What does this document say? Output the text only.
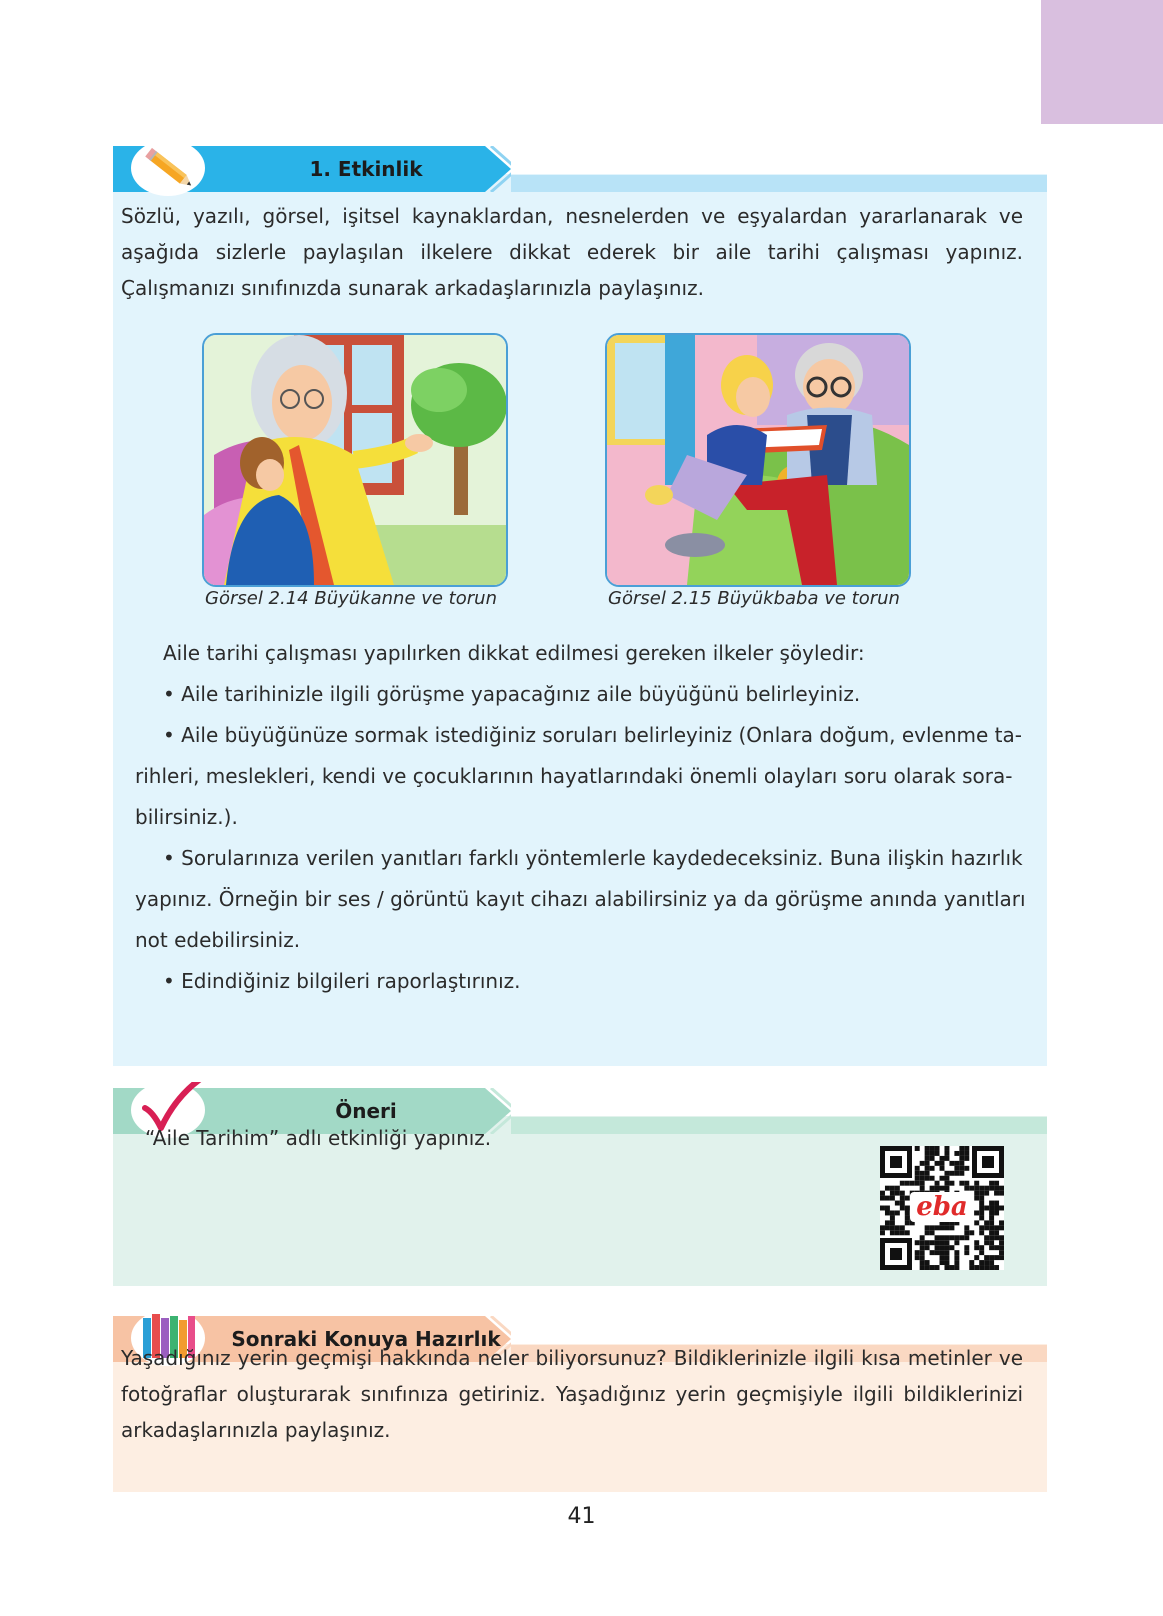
1. Etkinlik
Sözlü, yazılı, görsel, işitsel kaynaklardan, nesnelerden ve eşyalardan yararlanarak ve aşağıda sizlerle paylaşılan ilkelere dikkat ederek bir aile tarihi çalışması yapınız. Çalışmanızı sınıfınızda sunarak arkadaşlarınızla paylaşınız.
Görsel 2.14 Büyükanne ve torun	Görsel 2.15 Büyükbaba ve torun

Aile tarihi çalışması yapılırken dikkat edilmesi gereken ilkeler şöyledir:

• Aile tarihinizle ilgili görüşme yapacağınız aile büyüğünü belirleyiniz.

• Aile büyüğünüze sormak istediğiniz soruları belirleyiniz (Onlara doğum, evlenme ta-

rihleri, meslekleri, kendi ve çocuklarının hayatlarındaki önemli olayları soru olarak sora-

bilirsiniz.).

• Sorularınıza verilen yanıtları farklı yöntemlerle kaydedeceksiniz. Buna ilişkin hazırlık

yapınız. Örneğin bir ses / görüntü kayıt cihazı alabilirsiniz ya da görüşme anında yanıtları

not edebilirsiniz.

• Edindiğiniz bilgileri raporlaştırınız.

Öneri
“Aile Tarihim” adlı etkinliği yapınız.
eba
Sonraki Konuya Hazırlık
Yaşadığınız yerin geçmişi hakkında neler biliyorsunuz? Bildiklerinizle ilgili kısa metinler ve fotoğraflar oluşturarak sınıfınıza getiriniz. Yaşadığınız yerin geçmişiyle ilgili bildiklerinizi arkadaşlarınızla paylaşınız.
41
